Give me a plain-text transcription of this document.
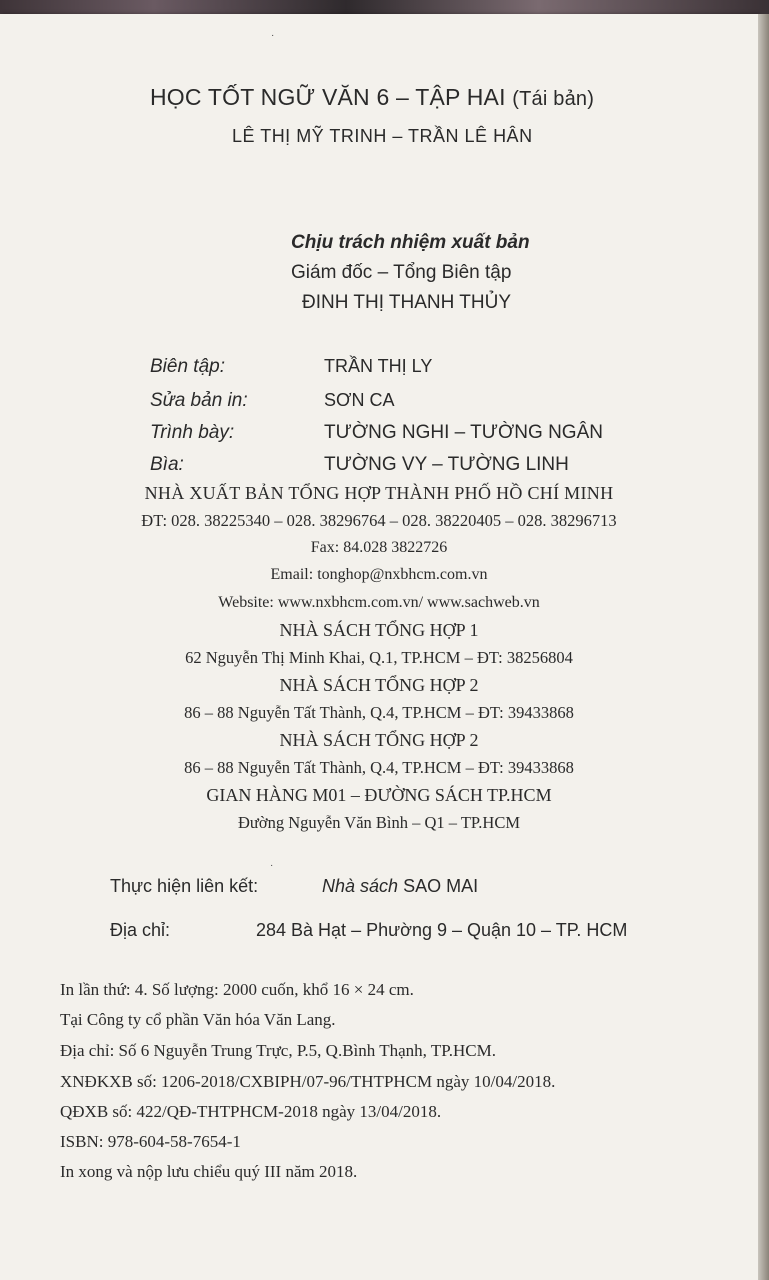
HỌC TỐT NGỮ VĂN 6 – TẬP HAI (Tái bản)
LÊ THỊ MỸ TRINH – TRẦN LÊ HÂN
Chịu trách nhiệm xuất bản
Giám đốc – Tổng Biên tập
ĐINH THỊ THANH THỦY
Biên tập:	TRẦN THỊ LY
Sửa bản in:	SƠN CA
Trình bày:	TƯỜNG NGHI – TƯỜNG NGÂN
Bìa:	TƯỜNG VY – TƯỜNG LINH
NHÀ XUẤT BẢN TỔNG HỢP THÀNH PHỐ HỒ CHÍ MINH
ĐT: 028. 38225340 – 028. 38296764 – 028. 38220405 – 028. 38296713
Fax: 84.028 3822726
Email: tonghop@nxbhcm.com.vn
Website: www.nxbhcm.com.vn/ www.sachweb.vn
NHÀ SÁCH TỔNG HỢP 1
62 Nguyễn Thị Minh Khai, Q.1, TP.HCM – ĐT: 38256804
NHÀ SÁCH TỔNG HỢP 2
86 – 88 Nguyễn Tất Thành, Q.4, TP.HCM – ĐT: 39433868
NHÀ SÁCH TỔNG HỢP 2
86 – 88 Nguyễn Tất Thành, Q.4, TP.HCM – ĐT: 39433868
GIAN HÀNG M01 – ĐƯỜNG SÁCH TP.HCM
Đường Nguyễn Văn Bình – Q1 – TP.HCM
Thực hiện liên kết:	Nhà sách SAO MAI
Địa chỉ:	284 Bà Hạt – Phường 9 – Quận 10 – TP. HCM
In lần thứ: 4. Số lượng: 2000 cuốn, khổ 16 × 24 cm.
Tại Công ty cổ phần Văn hóa Văn Lang.
Địa chỉ: Số 6 Nguyễn Trung Trực, P.5, Q.Bình Thạnh, TP.HCM.
XNĐKXB số: 1206-2018/CXBIPH/07-96/THTPHCM ngày 10/04/2018.
QĐXB số: 422/QĐ-THTPHCM-2018 ngày 13/04/2018.
ISBN: 978-604-58-7654-1
In xong và nộp lưu chiểu quý III năm 2018.
·
·
